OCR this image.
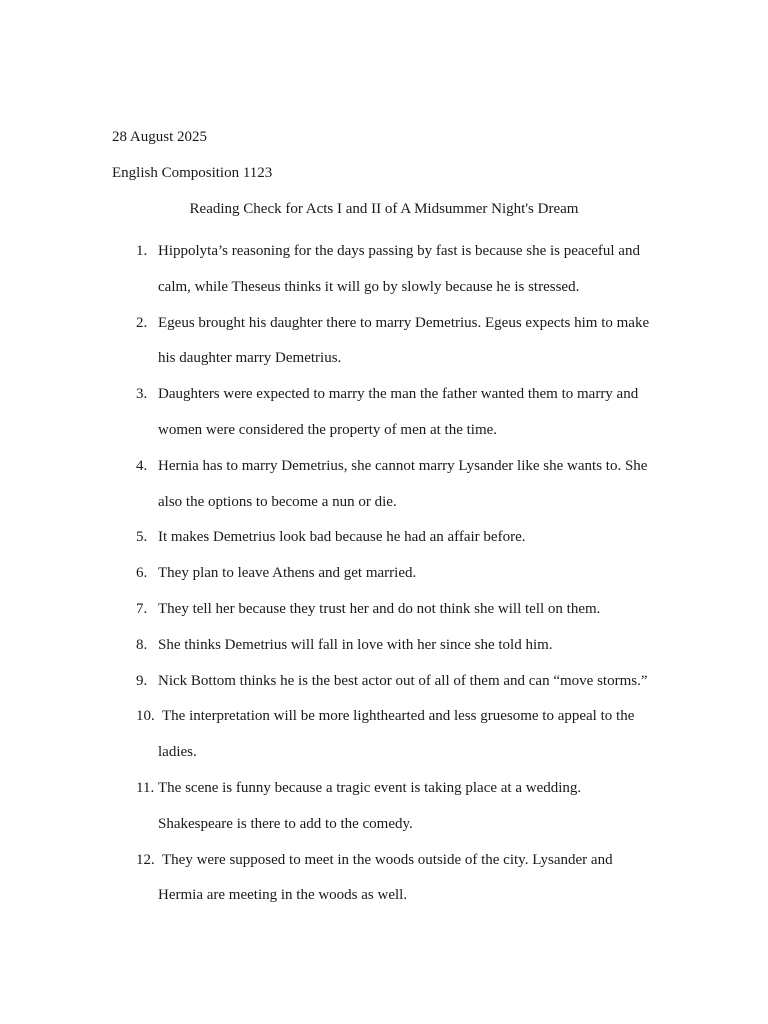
28 August 2025
English Composition 1123
Reading Check for Acts I and II of A Midsummer Night's Dream
1. Hippolyta’s reasoning for the days passing by fast is because she is peaceful and calm, while Theseus thinks it will go by slowly because he is stressed.
2. Egeus brought his daughter there to marry Demetrius. Egeus expects him to make his daughter marry Demetrius.
3. Daughters were expected to marry the man the father wanted them to marry and women were considered the property of men at the time.
4. Hernia has to marry Demetrius, she cannot marry Lysander like she wants to. She also the options to become a nun or die.
5. It makes Demetrius look bad because he had an affair before.
6. They plan to leave Athens and get married.
7. They tell her because they trust her and do not think she will tell on them.
8. She thinks Demetrius will fall in love with her since she told him.
9. Nick Bottom thinks he is the best actor out of all of them and can “move storms.”
10. The interpretation will be more lighthearted and less gruesome to appeal to the ladies.
11. The scene is funny because a tragic event is taking place at a wedding. Shakespeare is there to add to the comedy.
12. They were supposed to meet in the woods outside of the city. Lysander and Hermia are meeting in the woods as well.
